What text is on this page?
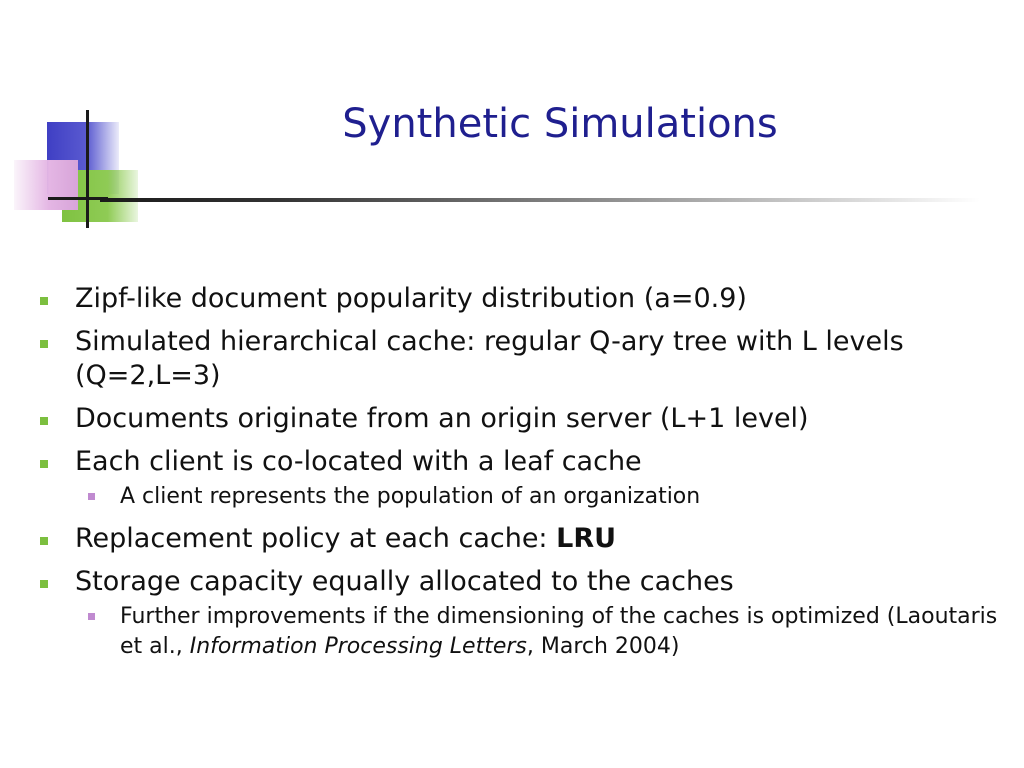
Synthetic Simulations
Zipf-like document popularity distribution (a=0.9)
Simulated hierarchical cache: regular Q-ary tree with L levels (Q=2,L=3)
Documents originate from an origin server (L+1 level)
Each client is co-located with a leaf cache
A client represents the population of an organization
Replacement policy at each cache: LRU
Storage capacity equally allocated to the caches
Further improvements if the dimensioning of the caches is optimized (Laoutaris et al., Information Processing Letters, March 2004)
